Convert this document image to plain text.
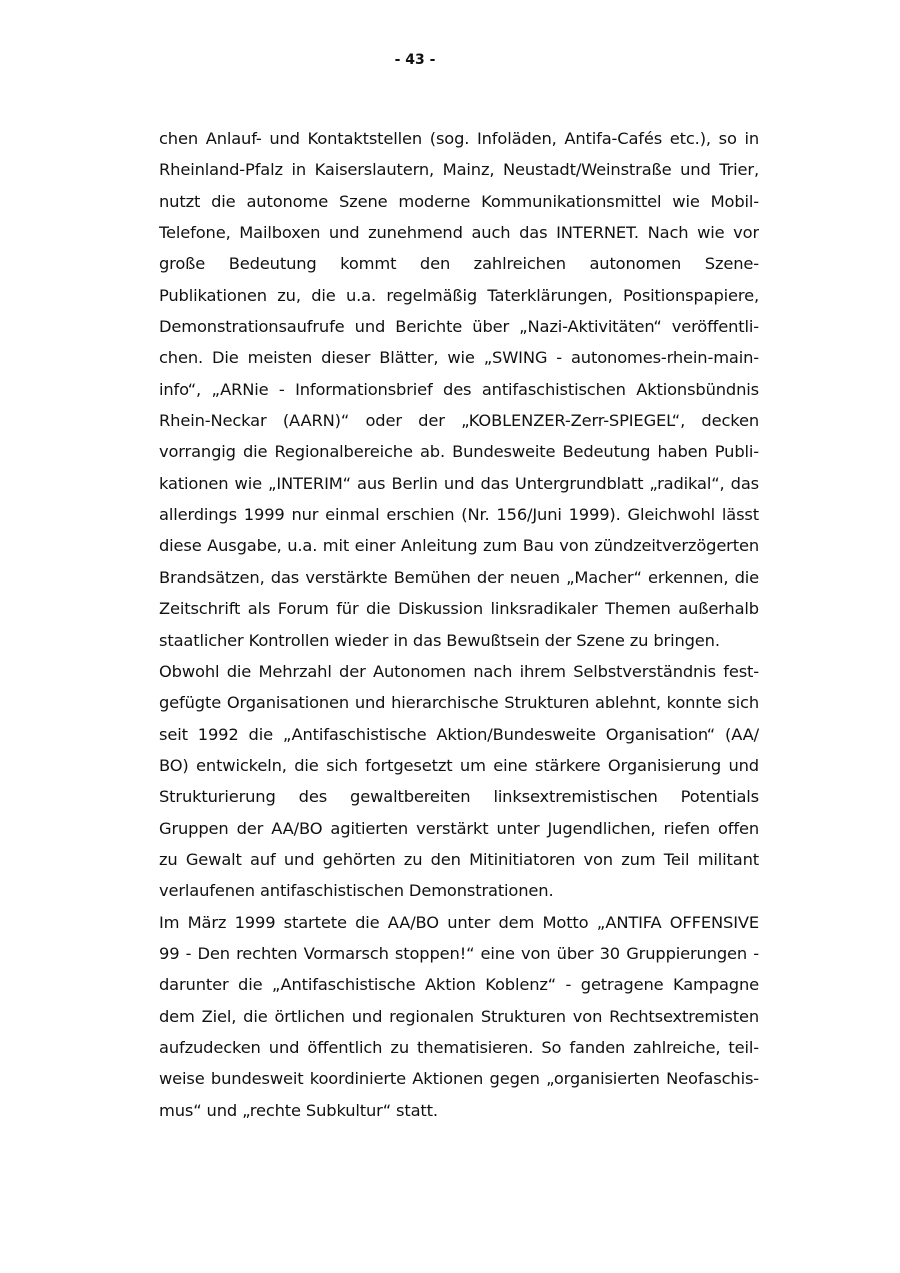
- 43 -
chen Anlauf- und Kontaktstellen (sog. Infoläden, Antifa-Cafés etc.), so in
Rheinland-Pfalz in Kaiserslautern, Mainz, Neustadt/Weinstraße und Trier,
nutzt die autonome Szene moderne Kommunikationsmittel wie Mobil-
Telefone, Mailboxen und zunehmend auch das INTERNET. Nach wie vor
große Bedeutung kommt den zahlreichen autonomen Szene-
Publikationen zu, die u.a. regelmäßig Taterklärungen, Positionspapiere,
Demonstrationsaufrufe und Berichte über „Nazi-Aktivitäten“ veröffentli-
chen. Die meisten dieser Blätter, wie „SWING - autonomes-rhein-main-
info“, „ARNie - Informationsbrief des antifaschistischen Aktionsbündnis
Rhein-Neckar (AARN)“ oder der „KOBLENZER-Zerr-SPIEGEL“, decken
vorrangig die Regionalbereiche ab. Bundesweite Bedeutung haben Publi-
kationen wie „INTERIM“ aus Berlin und das Untergrundblatt „radikal“, das
allerdings 1999 nur einmal erschien (Nr. 156/Juni 1999). Gleichwohl lässt
diese Ausgabe, u.a. mit einer Anleitung zum Bau von zündzeitverzögerten
Brandsätzen, das verstärkte Bemühen der neuen „Macher“ erkennen, die
Zeitschrift als Forum für die Diskussion linksradikaler Themen außerhalb
staatlicher Kontrollen wieder in das Bewußtsein der Szene zu bringen.
Obwohl die Mehrzahl der Autonomen nach ihrem Selbstverständnis fest-
gefügte Organisationen und hierarchische Strukturen ablehnt, konnte sich
seit 1992 die „Antifaschistische Aktion/Bundesweite Organisation“ (AA/
BO) entwickeln, die sich fortgesetzt um eine stärkere Organisierung und
Strukturierung des gewaltbereiten linksextremistischen Potentials
Gruppen der AA/BO agitierten verstärkt unter Jugendlichen, riefen offen
zu Gewalt auf und gehörten zu den Mitinitiatoren von zum Teil militant
verlaufenen antifaschistischen Demonstrationen.
Im März 1999 startete die AA/BO unter dem Motto „ANTIFA OFFENSIVE
99 - Den rechten Vormarsch stoppen!“ eine von über 30 Gruppierungen -
darunter die „Antifaschistische Aktion Koblenz“ - getragene Kampagne
dem Ziel, die örtlichen und regionalen Strukturen von Rechtsextremisten
aufzudecken und öffentlich zu thematisieren. So fanden zahlreiche, teil-
weise bundesweit koordinierte Aktionen gegen „organisierten Neofaschis-
mus“ und „rechte Subkultur“ statt.
